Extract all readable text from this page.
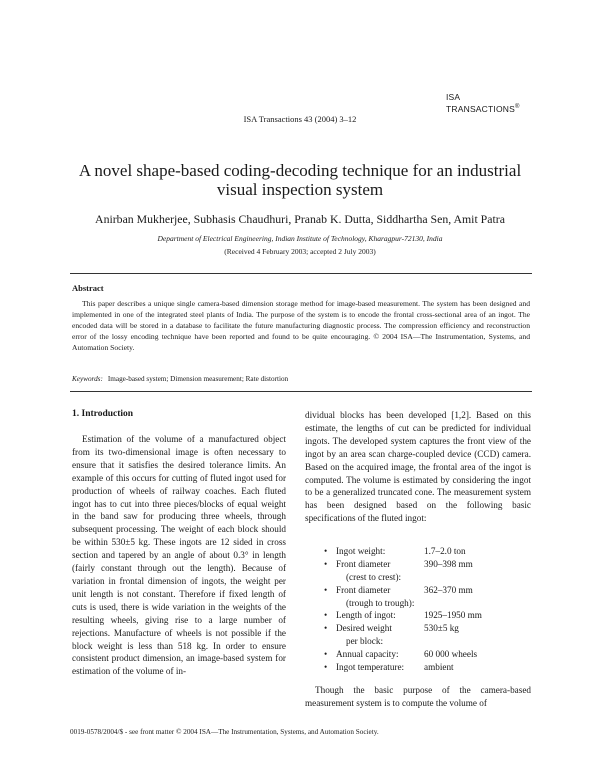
ISA
TRANSACTIONS®
ISA Transactions 43 (2004) 3–12
A novel shape-based coding-decoding technique for an industrial
visual inspection system
Anirban Mukherjee, Subhasis Chaudhuri, Pranab K. Dutta, Siddhartha Sen, Amit Patra
Department of Electrical Engineering, Indian Institute of Technology, Kharagpur-72130, India
(Received 4 February 2003; accepted 2 July 2003)
Abstract

This paper describes a unique single camera-based dimension storage method for image-based measurement. The system has been designed and implemented in one of the integrated steel plants of India. The purpose of the system is to encode the frontal cross-sectional area of an ingot. The encoded data will be stored in a database to facilitate the future manufacturing diagnostic process. The compression efficiency and reconstruction error of the lossy encoding technique have been reported and found to be quite encouraging. © 2004 ISA—The Instrumentation, Systems, and Automation Society.

Keywords: Image-based system; Dimension measurement; Rate distortion
1. Introduction

Estimation of the volume of a manufactured object from its two-dimensional image is often necessary to ensure that it satisfies the desired tolerance limits. An example of this occurs for cutting of fluted ingot used for production of wheels of railway coaches. Each fluted ingot has to cut into three pieces/blocks of equal weight in the band saw for producing three wheels, through subsequent processing. The weight of each block should be within 530±5 kg. These ingots are 12 sided in cross section and tapered by an angle of about 0.3° in length (fairly constant through out the length). Because of variation in frontal dimension of ingots, the weight per unit length is not constant. Therefore if fixed length of cuts is used, there is wide variation in the weights of the resulting wheels, giving rise to a large number of rejections. Manufacture of wheels is not possible if the block weight is less than 518 kg. In order to ensure consistent product dimension, an image-based system for estimation of the volume of in-

dividual blocks has been developed [1,2]. Based on this estimate, the lengths of cut can be predicted for individual ingots. The developed system captures the front view of the ingot by an area scan charge-coupled device (CCD) camera. Based on the acquired image, the frontal area of the ingot is computed. The volume is estimated by considering the ingot to be a generalized truncated cone. The measurement system has been designed based on the following basic specifications of the fluted ingot:

• Ingot weight:	1.7–2.0 ton
• Front diameter	390–398 mm
(crest to crest):
• Front diameter	362–370 mm
(trough to trough):
• Length of ingot:	1925–1950 mm
• Desired weight	530±5 kg
per block:
• Annual capacity:	60 000 wheels
• Ingot temperature: ambient

Though the basic purpose of the camera-based measurement system is to compute the volume of

0019-0578/2004/$ - see front matter © 2004 ISA—The Instrumentation, Systems, and Automation Society.
